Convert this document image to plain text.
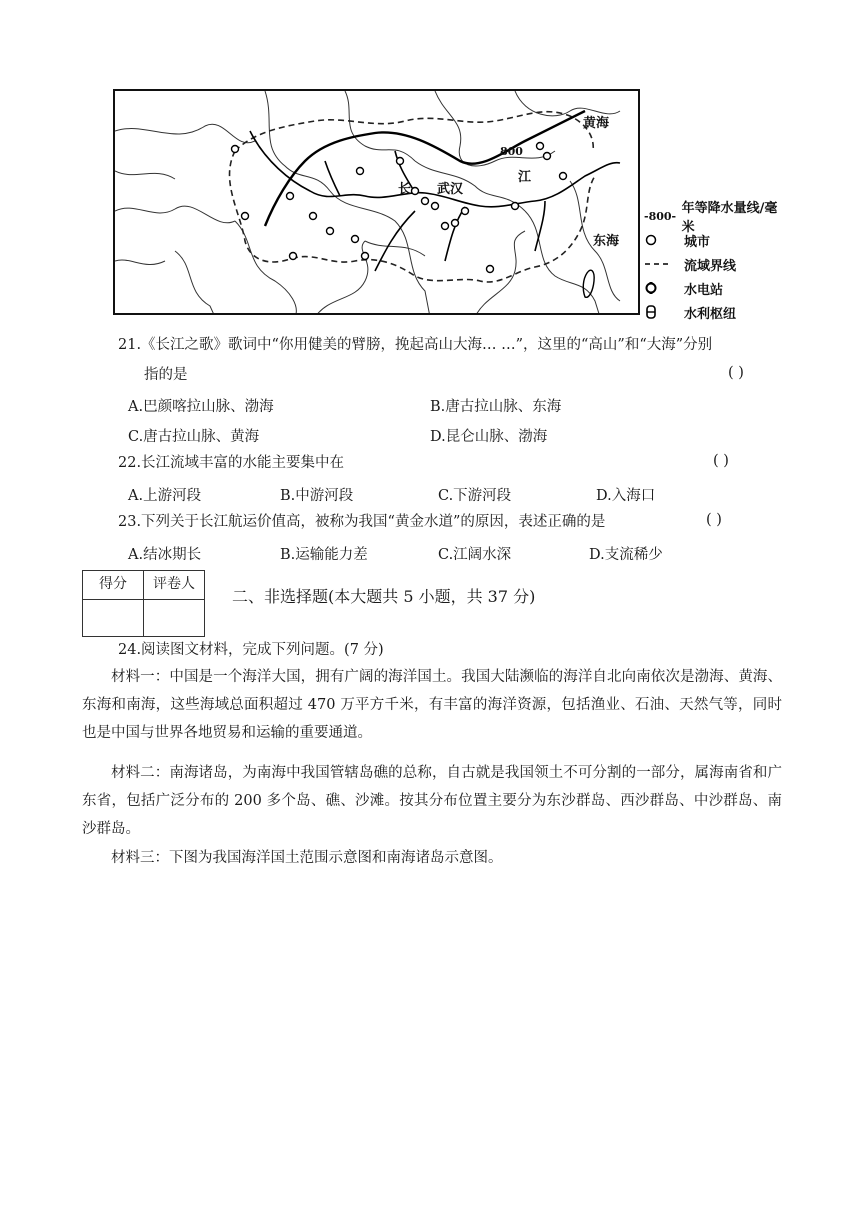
黄海
东海
800
长 武汉
江
-800- 年等降水量线/毫米
城市
流域界线
水电站
水利枢纽
21.《长江之歌》歌词中“你用健美的臂膀，挽起高山大海… …”，这里的“高山”和“大海”分别
指的是	( )
A.巴颜喀拉山脉、渤海	B.唐古拉山脉、东海
C.唐古拉山脉、黄海	D.昆仑山脉、渤海
22.长江流域丰富的水能主要集中在	( )
A.上游河段	B.中游河段	C.下游河段	D.入海口
23.下列关于长江航运价值高，被称为我国“黄金水道”的原因，表述正确的是	( )
A.结冰期长	B.运输能力差	C.江阔水深	D.支流稀少
得分	评卷人

二、非选择题(本大题共 5 小题，共 37 分)
24.阅读图文材料，完成下列问题。(7 分)
材料一：中国是一个海洋大国，拥有广阔的海洋国土。我国大陆濒临的海洋自北向南依次是渤海、黄海、东海和南海，这些海域总面积超过 470 万平方千米，有丰富的海洋资源，包括渔业、石油、天然气等，同时也是中国与世界各地贸易和运输的重要通道。
材料二：南海诸岛，为南海中我国管辖岛礁的总称，自古就是我国领土不可分割的一部分，属海南省和广东省，包括广泛分布的 200 多个岛、礁、沙滩。按其分布位置主要分为东沙群岛、西沙群岛、中沙群岛、南沙群岛。
材料三：下图为我国海洋国土范围示意图和南海诸岛示意图。
